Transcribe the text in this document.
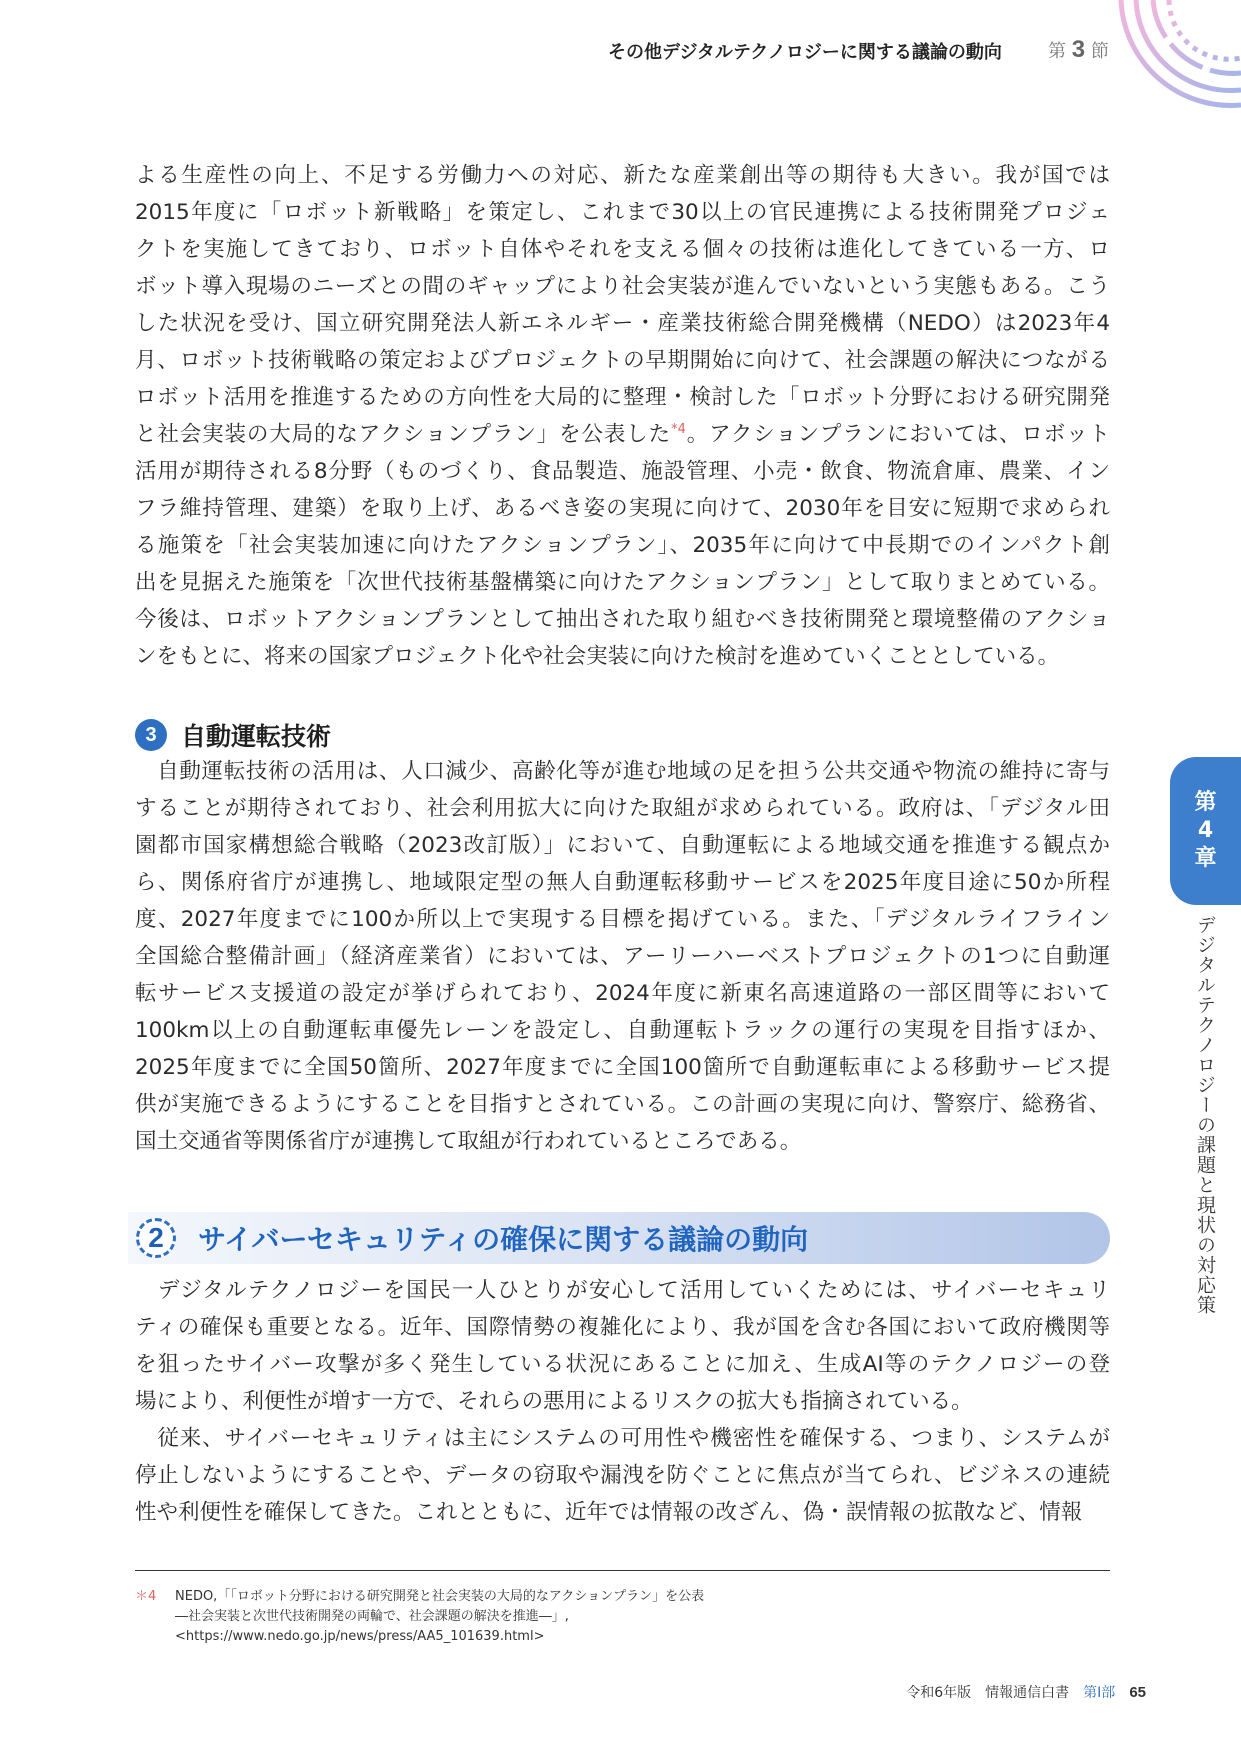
その他デジタルテクノロジーに関する議論の動向	第 3 節
よる生産性の向上、不足する労働力への対応、新たな産業創出等の期待も大きい。我が国では
2015年度に「ロボット新戦略」を策定し、これまで30以上の官民連携による技術開発プロジェ
クトを実施してきており、ロボット自体やそれを支える個々の技術は進化してきている一方、ロ
ボット導入現場のニーズとの間のギャップにより社会実装が進んでいないという実態もある。こう
した状況を受け、国立研究開発法人新エネルギー・産業技術総合開発機構（NEDO）は2023年4
月、ロボット技術戦略の策定およびプロジェクトの早期開始に向けて、社会課題の解決につながる
ロボット活用を推進するための方向性を大局的に整理・検討した「ロボット分野における研究開発
と社会実装の大局的なアクションプラン」を公表した$^{*4}$。アクションプランにおいては、ロボット
活用が期待される8分野（ものづくり、食品製造、施設管理、小売・飲食、物流倉庫、農業、イン
フラ維持管理、建築）を取り上げ、あるべき姿の実現に向けて、2030年を目安に短期で求められ
る施策を「社会実装加速に向けたアクションプラン」、2035年に向けて中長期でのインパクト創
出を見据えた施策を「次世代技術基盤構築に向けたアクションプラン」として取りまとめている。
今後は、ロボットアクションプランとして抽出された取り組むべき技術開発と環境整備のアクショ
ンをもとに、将来の国家プロジェクト化や社会実装に向けた検討を進めていくこととしている。
3 自動運転技術
　自動運転技術の活用は、人口減少、高齢化等が進む地域の足を担う公共交通や物流の維持に寄与
することが期待されており、社会利用拡大に向けた取組が求められている。政府は、「デジタル田
園都市国家構想総合戦略（2023改訂版）」において、自動運転による地域交通を推進する観点か
ら、関係府省庁が連携し、地域限定型の無人自動運転移動サービスを2025年度目途に50か所程
度、2027年度までに100か所以上で実現する目標を掲げている。また、「デジタルライフライン
全国総合整備計画」（経済産業省）においては、アーリーハーベストプロジェクトの1つに自動運
転サービス支援道の設定が挙げられており、2024年度に新東名高速道路の一部区間等において
100km以上の自動運転車優先レーンを設定し、自動運転トラックの運行の実現を目指すほか、
2025年度までに全国50箇所、2027年度までに全国100箇所で自動運転車による移動サービス提
供が実施できるようにすることを目指すとされている。この計画の実現に向け、警察庁、総務省、
国土交通省等関係省庁が連携して取組が行われているところである。
2	サイバーセキュリティの確保に関する議論の動向
　デジタルテクノロジーを国民一人ひとりが安心して活用していくためには、サイバーセキュリ
ティの確保も重要となる。近年、国際情勢の複雑化により、我が国を含む各国において政府機関等
を狙ったサイバー攻撃が多く発生している状況にあることに加え、生成AI等のテクノロジーの登
場により、利便性が増す一方で、それらの悪用によるリスクの拡大も指摘されている。
　従来、サイバーセキュリティは主にシステムの可用性や機密性を確保する、つまり、システムが
停止しないようにすることや、データの窃取や漏洩を防ぐことに焦点が当てられ、ビジネスの連続
性や利便性を確保してきた。これとともに、近年では情報の改ざん、偽・誤情報の拡散など、情報
第
4
章
デジタルテクノロジーの課題と現状の対応策
＊4 NEDO,「「ロボット分野における研究開発と社会実装の大局的なアクションプラン」を公表
―社会実装と次世代技術開発の両輪で、社会課題の解決を推進―」,
<https://www.nedo.go.jp/news/press/AA5_101639.html>
令和6年版　情報通信白書　 第Ⅰ部 65
